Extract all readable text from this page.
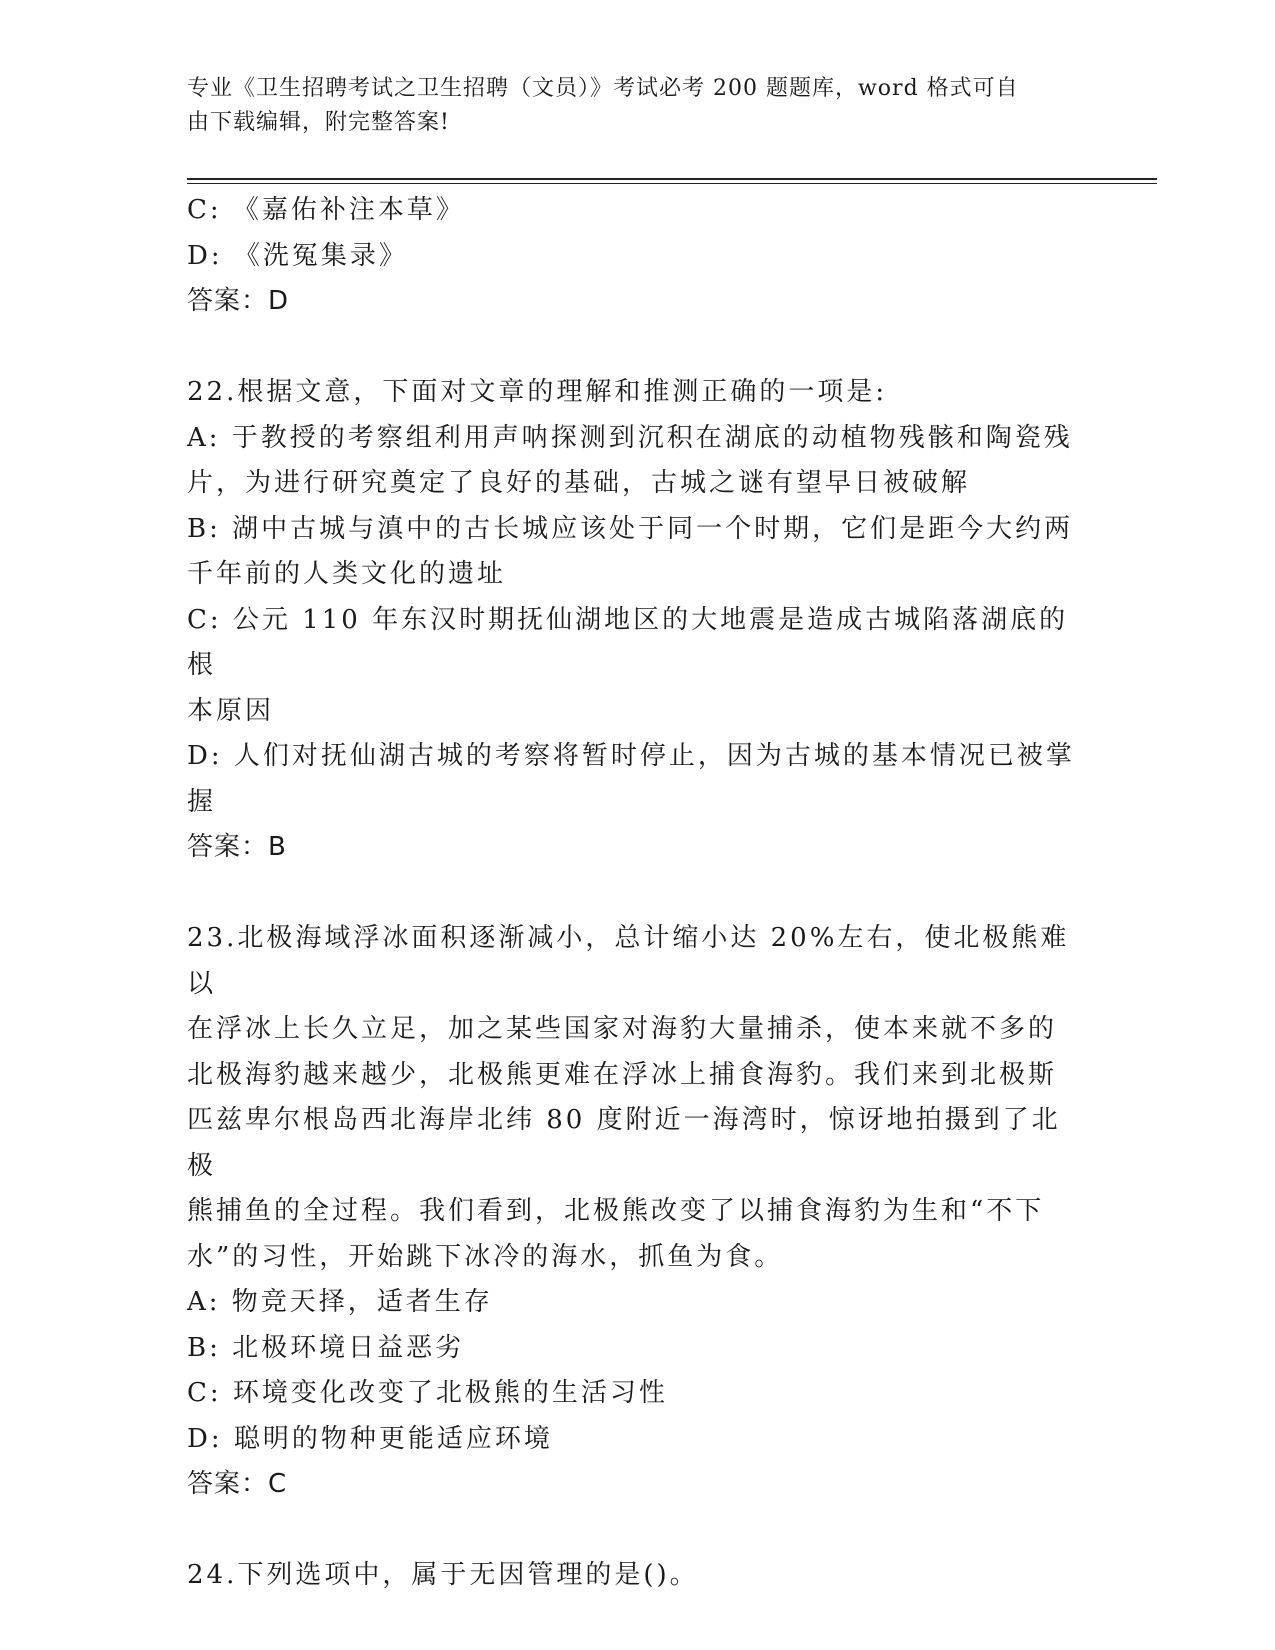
专业《卫生招聘考试之卫生招聘（文员）》考试必考 200 题题库，word 格式可自
由下载编辑，附完整答案!
C: 《嘉佑补注本草》
D: 《洗冤集录》
答案：D
22.根据文意，下面对文章的理解和推测正确的一项是:
A: 于教授的考察组利用声呐探测到沉积在湖底的动植物残骸和陶瓷残
片，为进行研究奠定了良好的基础，古城之谜有望早日被破解
B: 湖中古城与滇中的古长城应该处于同一个时期，它们是距今大约两
千年前的人类文化的遗址
C: 公元 110 年东汉时期抚仙湖地区的大地震是造成古城陷落湖底的根
本原因
D: 人们对抚仙湖古城的考察将暂时停止，因为古城的基本情况已被掌
握
答案：B
23.北极海域浮冰面积逐渐减小，总计缩小达 20%左右，使北极熊难以
在浮冰上长久立足，加之某些国家对海豹大量捕杀，使本来就不多的
北极海豹越来越少，北极熊更难在浮冰上捕食海豹。我们来到北极斯
匹兹卑尔根岛西北海岸北纬 80 度附近一海湾时，惊讶地拍摄到了北极
熊捕鱼的全过程。我们看到，北极熊改变了以捕食海豹为生和“不下
水”的习性，开始跳下冰冷的海水，抓鱼为食。
A: 物竞天择，适者生存
B: 北极环境日益恶劣
C: 环境变化改变了北极熊的生活习性
D: 聪明的物种更能适应环境
答案：C
24.下列选项中，属于无因管理的是()。
